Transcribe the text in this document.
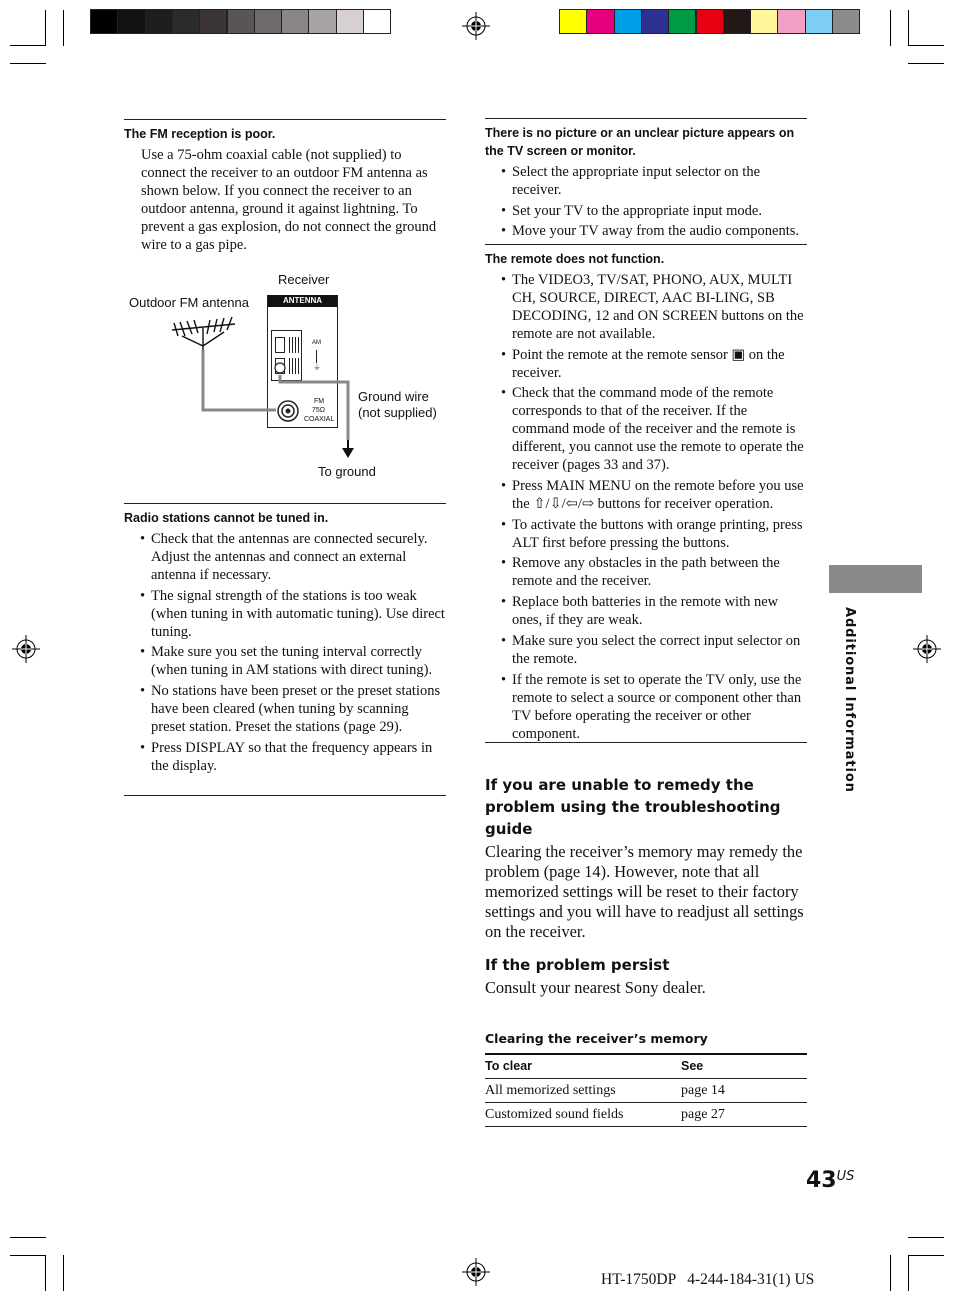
The FM reception is poor.
Use a 75-ohm coaxial cable (not supplied) to connect the receiver to an outdoor FM antenna as shown below. If you connect the receiver to an outdoor antenna, ground it against lightning. To prevent a gas explosion, do not connect the ground wire to a gas pipe.
Receiver
Outdoor FM antenna
Ground wire
(not supplied)
To ground
ANTENNA
AM
⏚
FM
75Ω
COAXIAL
Radio stations cannot be tuned in.
• Check that the antennas are connected securely. Adjust the antennas and connect an external antenna if necessary.
• The signal strength of the stations is too weak (when tuning in with automatic tuning). Use direct tuning.
• Make sure you set the tuning interval correctly (when tuning in AM stations with direct tuning).
• No stations have been preset or the preset stations have been cleared (when tuning by scanning preset station. Preset the stations (page 29).
• Press DISPLAY so that the frequency appears in the display.
There is no picture or an unclear picture appears on the TV screen or monitor.
• Select the appropriate input selector on the receiver.
• Set your TV to the appropriate input mode.
• Move your TV away from the audio components.
The remote does not function.
• The VIDEO3, TV/SAT, PHONO, AUX, MULTI CH, SOURCE, DIRECT, AAC BI-LING, SB DECODING, 12 and ON SCREEN buttons on the remote are not available.
• Point the remote at the remote sensor ▣ on the receiver.
• Check that the command mode of the remote corresponds to that of the receiver. If the command mode of the receiver and the remote is different, you cannot use the remote to operate the receiver (pages 33 and 37).
• Press MAIN MENU on the remote before you use the ⇧/⇩/⇦/⇨ buttons for receiver operation.
• To activate the buttons with orange printing, press ALT first before pressing the buttons.
• Remove any obstacles in the path between the remote and the receiver.
• Replace both batteries in the remote with new ones, if they are weak.
• Make sure you select the correct input selector on the remote.
• If the remote is set to operate the TV only, use the remote to select a source or component other than TV before operating the receiver or other component.
If you are unable to remedy the problem using the troubleshooting guide
Clearing the receiver’s memory may remedy the problem (page 14). However, note that all memorized settings will be reset to their factory settings and you will have to readjust all settings on the receiver.
If the problem persist
Consult your nearest Sony dealer.
Clearing the receiver’s memory
To clear	See
All memorized settings	page 14
Customized sound fields	page 27
Additional Information
$43^{US}$
HT-1750DP   4-244-184-31(1) US
